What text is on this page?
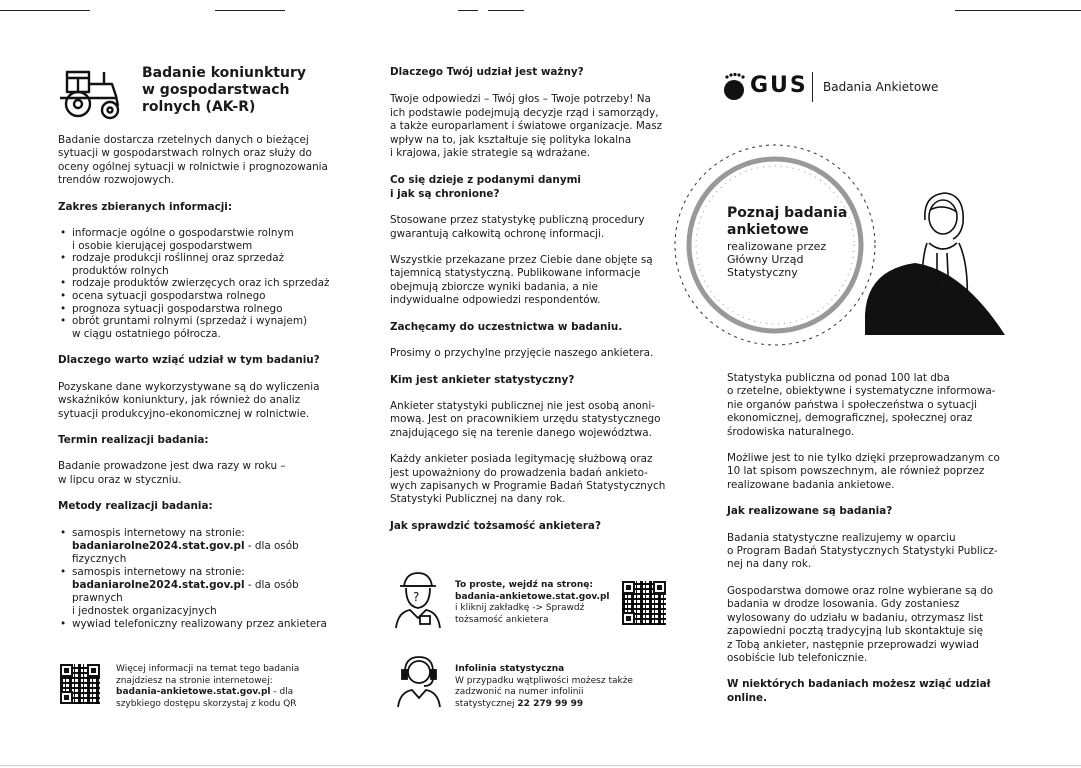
Badanie koniunktury
w gospodarstwach
rolnych (AK-R)

Badanie dostarcza rzetelnych danych o bieżącej
sytuacji w gospodarstwach rolnych oraz służy do
oceny ogólnej sytuacji w rolnictwie i prognozowania
trendów rozwojowych.

Zakres zbieranych informacji:

• informacje ogólne o gospodarstwie rolnym
i osobie kierującej gospodarstwem
• rodzaje produkcji roślinnej oraz sprzedaż
produktów rolnych
• rodzaje produktów zwierzęcych oraz ich sprzedaż
• ocena sytuacji gospodarstwa rolnego
• prognoza sytuacji gospodarstwa rolnego
• obrót gruntami rolnymi (sprzedaż i wynajem)
w ciągu ostatniego półrocza.

Dlaczego warto wziąć udział w tym badaniu?

Pozyskane dane wykorzystywane są do wyliczenia
wskaźników koniunktury, jak również do analiz
sytuacji produkcyjno-ekonomicznej w rolnictwie.

Termin realizacji badania:

Badanie prowadzone jest dwa razy w roku –
w lipcu oraz w styczniu.

Metody realizacji badania:

• samospis internetowy na stronie:
badaniarolne2024.stat.gov.pl - dla osób fizycznych
• samospis internetowy na stronie:
badaniarolne2024.stat.gov.pl - dla osób prawnych
i jednostek organizacyjnych
• wywiad telefoniczny realizowany przez ankietera

Więcej informacji na temat tego badania
znajdziesz na stronie internetowej:
badania-ankietowe.stat.gov.pl - dla
szybkiego dostępu skorzystaj z kodu QR

Dlaczego Twój udział jest ważny?

Twoje odpowiedzi – Twój głos – Twoje potrzeby! Na
ich podstawie podejmują decyzje rząd i samorządy,
a także europarlament i światowe organizacje. Masz
wpływ na to, jak kształtuje się polityka lokalna
i krajowa, jakie strategie są wdrażane.

Co się dzieje z podanymi danymi
i jak są chronione?

Stosowane przez statystykę publiczną procedury
gwarantują całkowitą ochronę informacji.

Wszystkie przekazane przez Ciebie dane objęte są
tajemnicą statystyczną. Publikowane informacje
obejmują zbiorcze wyniki badania, a nie
indywidualne odpowiedzi respondentów.

Zachęcamy do uczestnictwa w badaniu.

Prosimy o przychylne przyjęcie naszego ankietera.

Kim jest ankieter statystyczny?

Ankieter statystyki publicznej nie jest osobą anoni-
mową. Jest on pracownikiem urzędu statystycznego
znajdującego się na terenie danego województwa.

Każdy ankieter posiada legitymację służbową oraz
jest upoważniony do prowadzenia badań ankieto-
wych zapisanych w Programie Badań Statystycznych
Statystyki Publicznej na dany rok.

Jak sprawdzić tożsamość ankietera?

?

To proste, wejdź na stronę:
badania-ankietowe.stat.gov.pl
i kliknij zakładkę -> Sprawdź
tożsamość ankietera

Infolinia statystyczna
W przypadku wątpliwości możesz także
zadzwonić na numer infolinii
statystycznej 22 279 99 99

GUS Badania Ankietowe
Poznaj badania
ankietowe
realizowane przez
Główny Urząd
Statystyczny

Statystyka publiczna od ponad 100 lat dba
o rzetelne, obiektywne i systematyczne informowa-
nie organów państwa i społeczeństwa o sytuacji
ekonomicznej, demograficznej, społecznej oraz
środowiska naturalnego.

Możliwe jest to nie tylko dzięki przeprowadzanym co
10 lat spisom powszechnym, ale również poprzez
realizowane badania ankietowe.

Jak realizowane są badania?

Badania statystyczne realizujemy w oparciu
o Program Badań Statystycznych Statystyki Publicz-
nej na dany rok.

Gospodarstwa domowe oraz rolne wybierane są do
badania w drodze losowania. Gdy zostaniesz
wylosowany do udziału w badaniu, otrzymasz list
zapowiedni pocztą tradycyjną lub skontaktuje się
z Tobą ankieter, następnie przeprowadzi wywiad
osobiście lub telefonicznie.

W niektórych badaniach możesz wziąć udział online.
